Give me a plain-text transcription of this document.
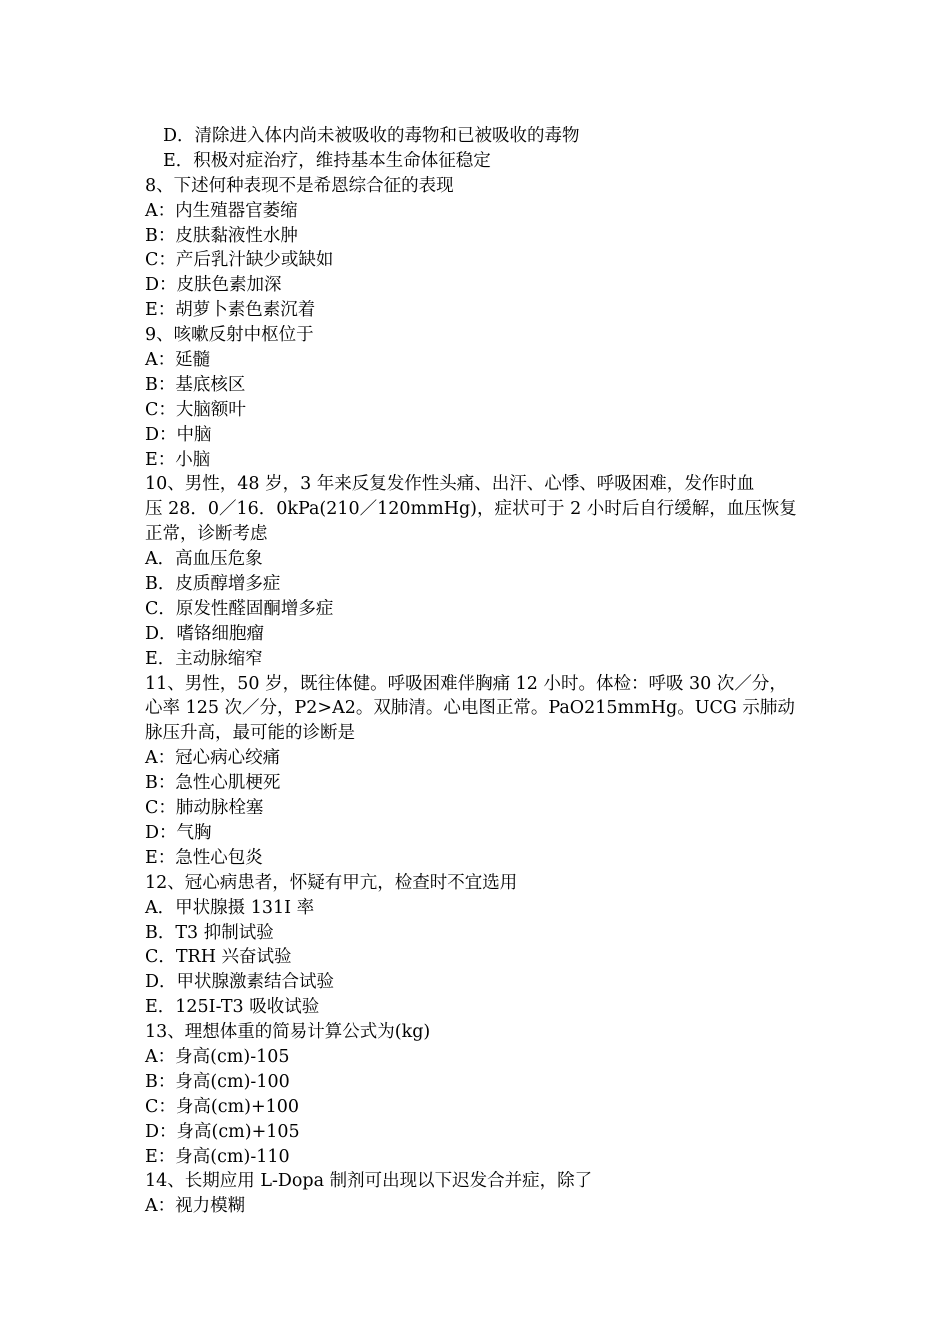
D．清除进入体内尚未被吸收的毒物和已被吸收的毒物
E．积极对症治疗，维持基本生命体征稳定
8、下述何种表现不是希恩综合征的表现
A：内生殖器官萎缩
B：皮肤黏液性水肿
C：产后乳汁缺少或缺如
D：皮肤色素加深
E：胡萝卜素色素沉着
9、咳嗽反射中枢位于
A：延髓
B：基底核区
C：大脑额叶
D：中脑
E：小脑
10、男性，48 岁，3 年来反复发作性头痛、出汗、心悸、呼吸困难，发作时血
压 28．0／16．0kPa(210／120mmHg)，症状可于 2 小时后自行缓解，血压恢复
正常，诊断考虑
A．高血压危象
B．皮质醇增多症
C．原发性醛固酮增多症
D．嗜铬细胞瘤
E．主动脉缩窄
11、男性，50 岁，既往体健。呼吸困难伴胸痛 12 小时。体检：呼吸 30 次／分，
心率 125 次／分，P2>A2。双肺清。心电图正常。PaO215mmHg。UCG 示肺动
脉压升高，最可能的诊断是
A：冠心病心绞痛
B：急性心肌梗死
C：肺动脉栓塞
D：气胸
E：急性心包炎
12、冠心病患者，怀疑有甲亢，检查时不宜选用
A．甲状腺摄 131I 率
B．T3 抑制试验
C．TRH 兴奋试验
D．甲状腺激素结合试验
E．125I-T3 吸收试验
13、理想体重的简易计算公式为(kg)
A：身高(cm)-105
B：身高(cm)-100
C：身高(cm)+100
D：身高(cm)+105
E：身高(cm)-110
14、长期应用 L-Dopa 制剂可出现以下迟发合并症，除了
A：视力模糊
